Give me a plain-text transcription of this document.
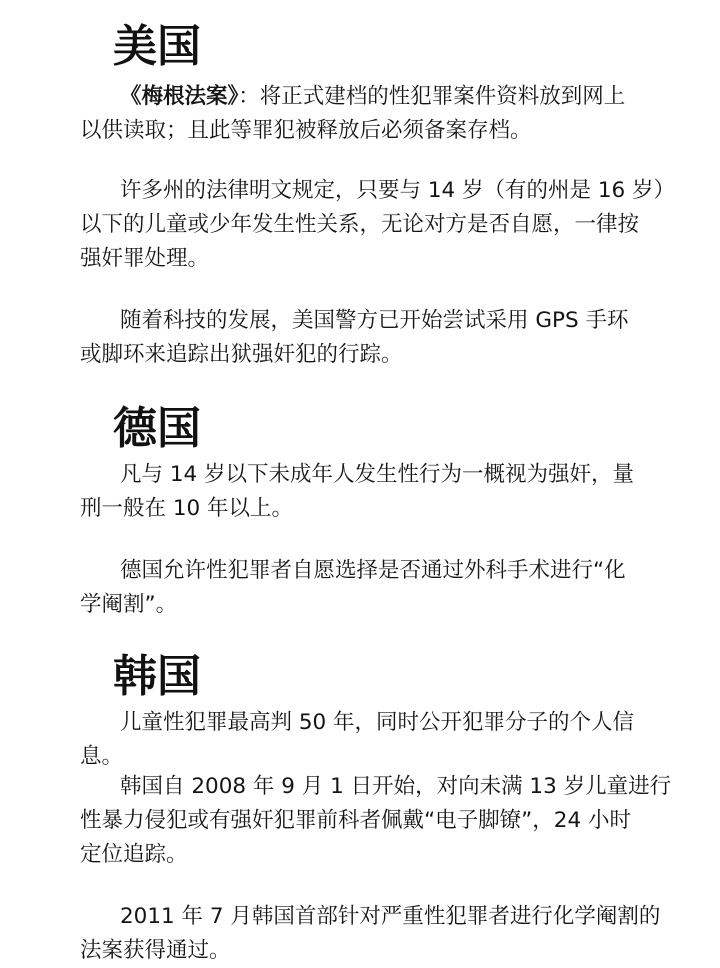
美国
《梅根法案》：将正式建档的性犯罪案件资料放到网上
以供读取；且此等罪犯被释放后必须备案存档。
许多州的法律明文规定，只要与 14 岁（有的州是 16 岁）
以下的儿童或少年发生性关系，无论对方是否自愿，一律按
强奸罪处理。
随着科技的发展，美国警方已开始尝试采用 GPS 手环
或脚环来追踪出狱强奸犯的行踪。
德国
凡与 14 岁以下未成年人发生性行为一概视为强奸，量
刑一般在 10 年以上。
德国允许性犯罪者自愿选择是否通过外科手术进行“化
学阉割”。
韩国
儿童性犯罪最高判 50 年，同时公开犯罪分子的个人信
息。
韩国自 2008 年 9 月 1 日开始，对向未满 13 岁儿童进行
性暴力侵犯或有强奸犯罪前科者佩戴“电子脚镣”，24 小时
定位追踪。
2011 年 7 月韩国首部针对严重性犯罪者进行化学阉割的
法案获得通过。
